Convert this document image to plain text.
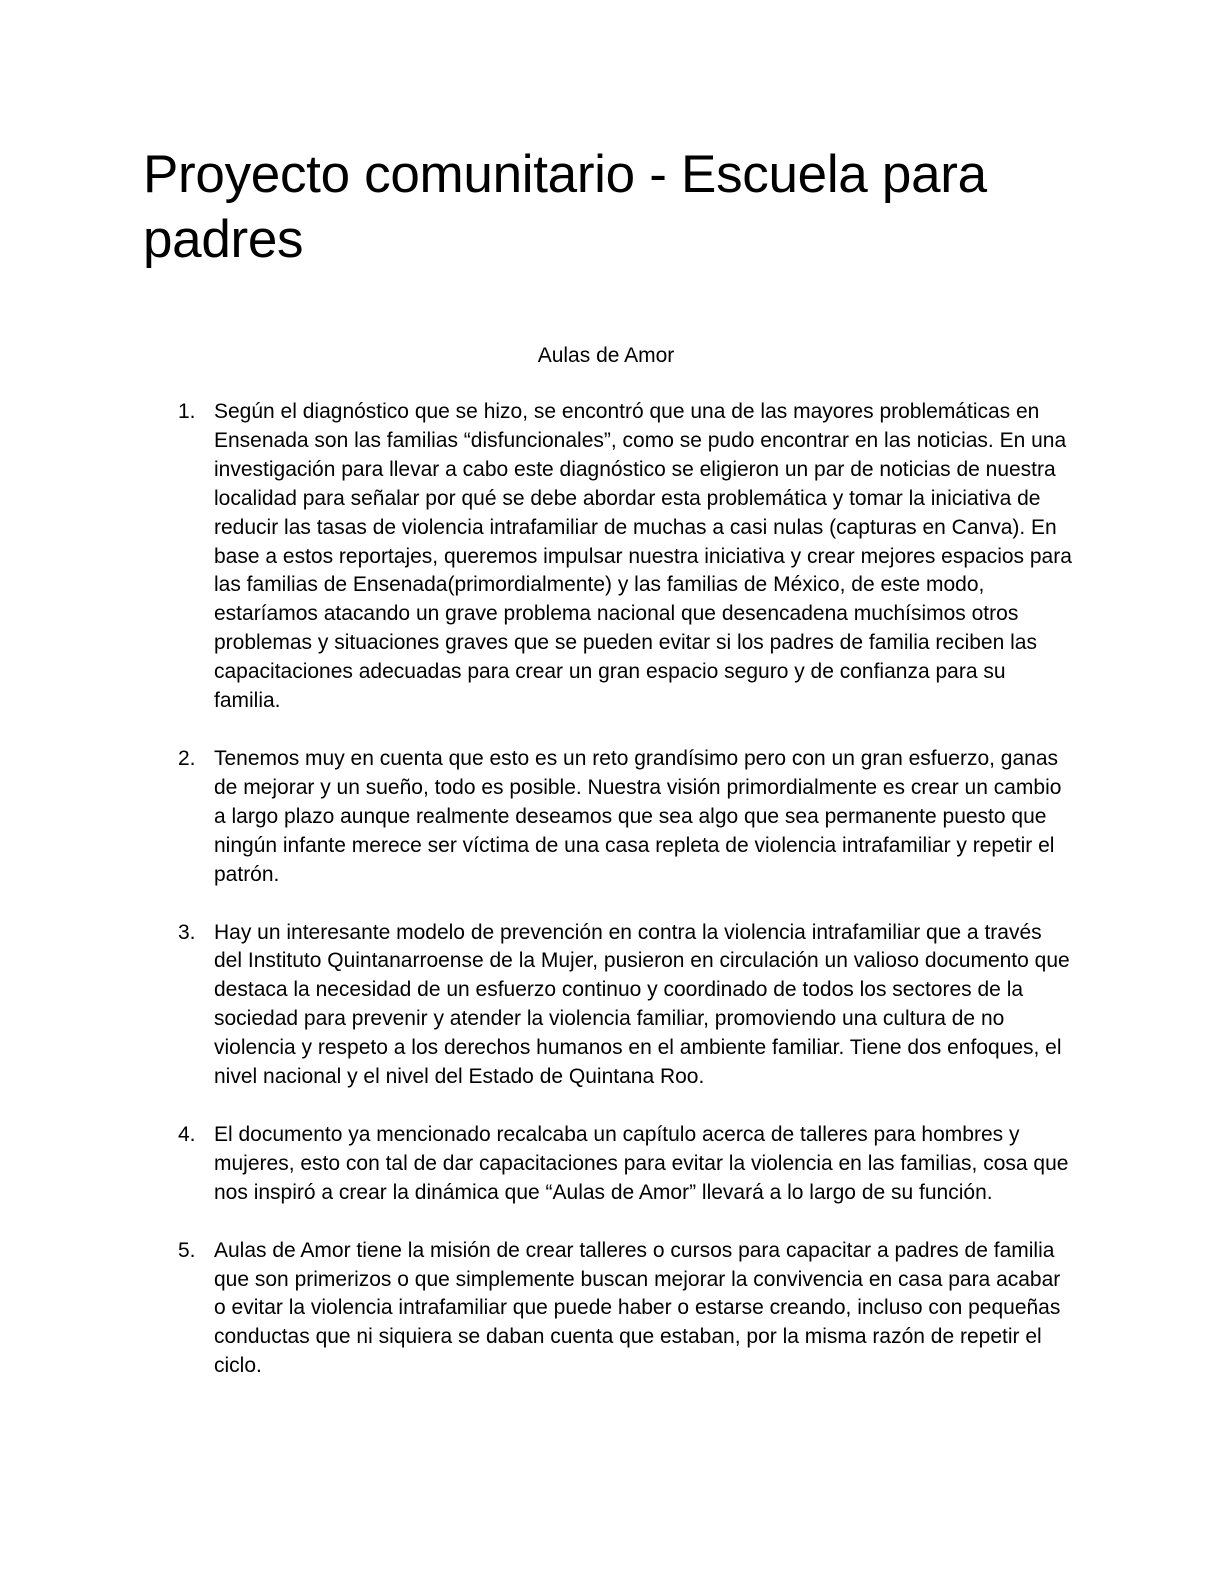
Proyecto comunitario - Escuela para padres

Aulas de Amor

1. Según el diagnóstico que se hizo, se encontró que una de las mayores problemáticas en Ensenada son las familias “disfuncionales”, como se pudo encontrar en las noticias. En una investigación para llevar a cabo este diagnóstico se eligieron un par de noticias de nuestra localidad para señalar por qué se debe abordar esta problemática y tomar la iniciativa de reducir las tasas de violencia intrafamiliar de muchas a casi nulas (capturas en Canva). En base a estos reportajes, queremos impulsar nuestra iniciativa y crear mejores espacios para las familias de Ensenada(primordialmente) y las familias de México, de este modo, estaríamos atacando un grave problema nacional que desencadena muchísimos otros problemas y situaciones graves que se pueden evitar si los padres de familia reciben las capacitaciones adecuadas para crear un gran espacio seguro y de confianza para su familia.
2. Tenemos muy en cuenta que esto es un reto grandísimo pero con un gran esfuerzo, ganas de mejorar y un sueño, todo es posible. Nuestra visión primordialmente es crear un cambio a largo plazo aunque realmente deseamos que sea algo que sea permanente puesto que ningún infante merece ser víctima de una casa repleta de violencia intrafamiliar y repetir el patrón.
3. Hay un interesante modelo de prevención en contra la violencia intrafamiliar que a través del Instituto Quintanarroense de la Mujer, pusieron en circulación un valioso documento que destaca la necesidad de un esfuerzo continuo y coordinado de todos los sectores de la sociedad para prevenir y atender la violencia familiar, promoviendo una cultura de no violencia y respeto a los derechos humanos en el ambiente familiar. Tiene dos enfoques, el nivel nacional y el nivel del Estado de Quintana Roo.
4. El documento ya mencionado recalcaba un capítulo acerca de talleres para hombres y mujeres, esto con tal de dar capacitaciones para evitar la violencia en las familias, cosa que nos inspiró a crear la dinámica que “Aulas de Amor” llevará a lo largo de su función.
5. Aulas de Amor tiene la misión de crear talleres o cursos para capacitar a padres de familia que son primerizos o que simplemente buscan mejorar la convivencia en casa para acabar o evitar la violencia intrafamiliar que puede haber o estarse creando, incluso con pequeñas conductas que ni siquiera se daban cuenta que estaban, por la misma razón de repetir el ciclo.
